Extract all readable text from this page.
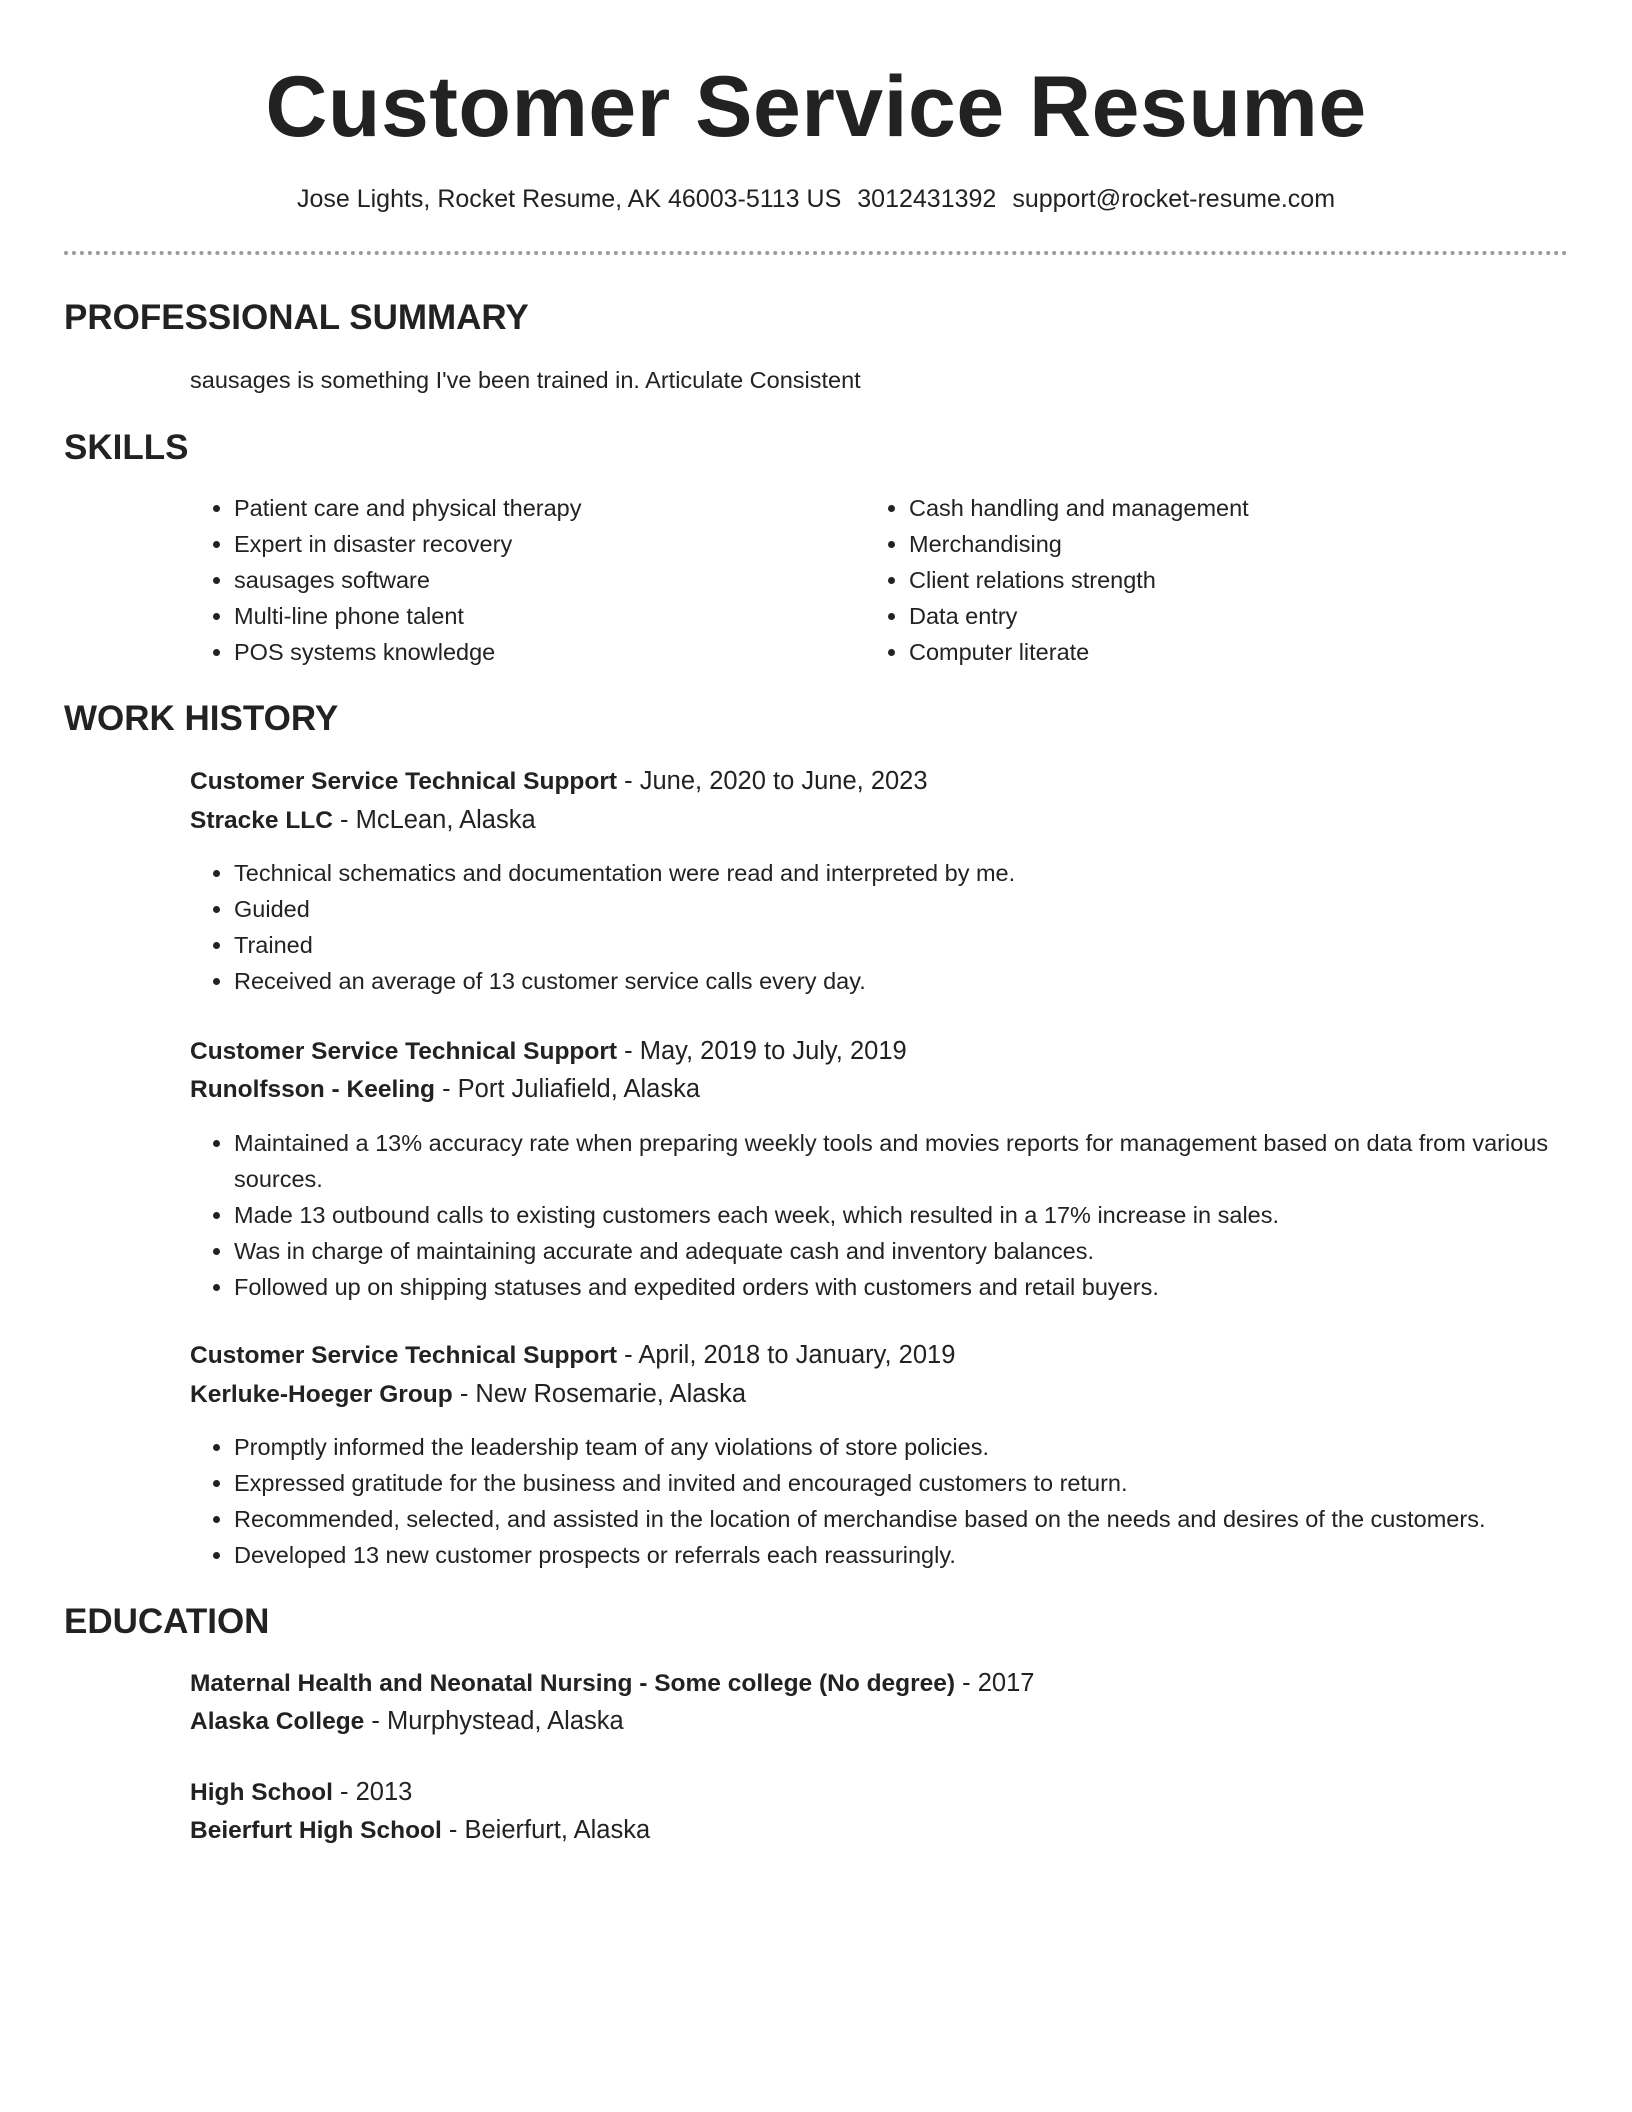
Customer Service Resume
Jose Lights, Rocket Resume, AK 46003-5113 US 3012431392 support@rocket-resume.com
PROFESSIONAL SUMMARY
sausages is something I've been trained in. Articulate Consistent
SKILLS
• Patient care and physical therapy
• Expert in disaster recovery
• sausages software
• Multi-line phone talent
• POS systems knowledge
• Cash handling and management
• Merchandising
• Client relations strength
• Data entry
• Computer literate
WORK HISTORY
Customer Service Technical Support - June, 2020 to June, 2023
Stracke LLC - McLean, Alaska
• Technical schematics and documentation were read and interpreted by me.
• Guided
• Trained
• Received an average of 13 customer service calls every day.
Customer Service Technical Support - May, 2019 to July, 2019
Runolfsson - Keeling - Port Juliafield, Alaska
• Maintained a 13% accuracy rate when preparing weekly tools and movies reports for management based on data from various sources.
• Made 13 outbound calls to existing customers each week, which resulted in a 17% increase in sales.
• Was in charge of maintaining accurate and adequate cash and inventory balances.
• Followed up on shipping statuses and expedited orders with customers and retail buyers.
Customer Service Technical Support - April, 2018 to January, 2019
Kerluke-Hoeger Group - New Rosemarie, Alaska
• Promptly informed the leadership team of any violations of store policies.
• Expressed gratitude for the business and invited and encouraged customers to return.
• Recommended, selected, and assisted in the location of merchandise based on the needs and desires of the customers.
• Developed 13 new customer prospects or referrals each reassuringly.
EDUCATION
Maternal Health and Neonatal Nursing - Some college (No degree) - 2017
Alaska College - Murphystead, Alaska
High School - 2013
Beierfurt High School - Beierfurt, Alaska
